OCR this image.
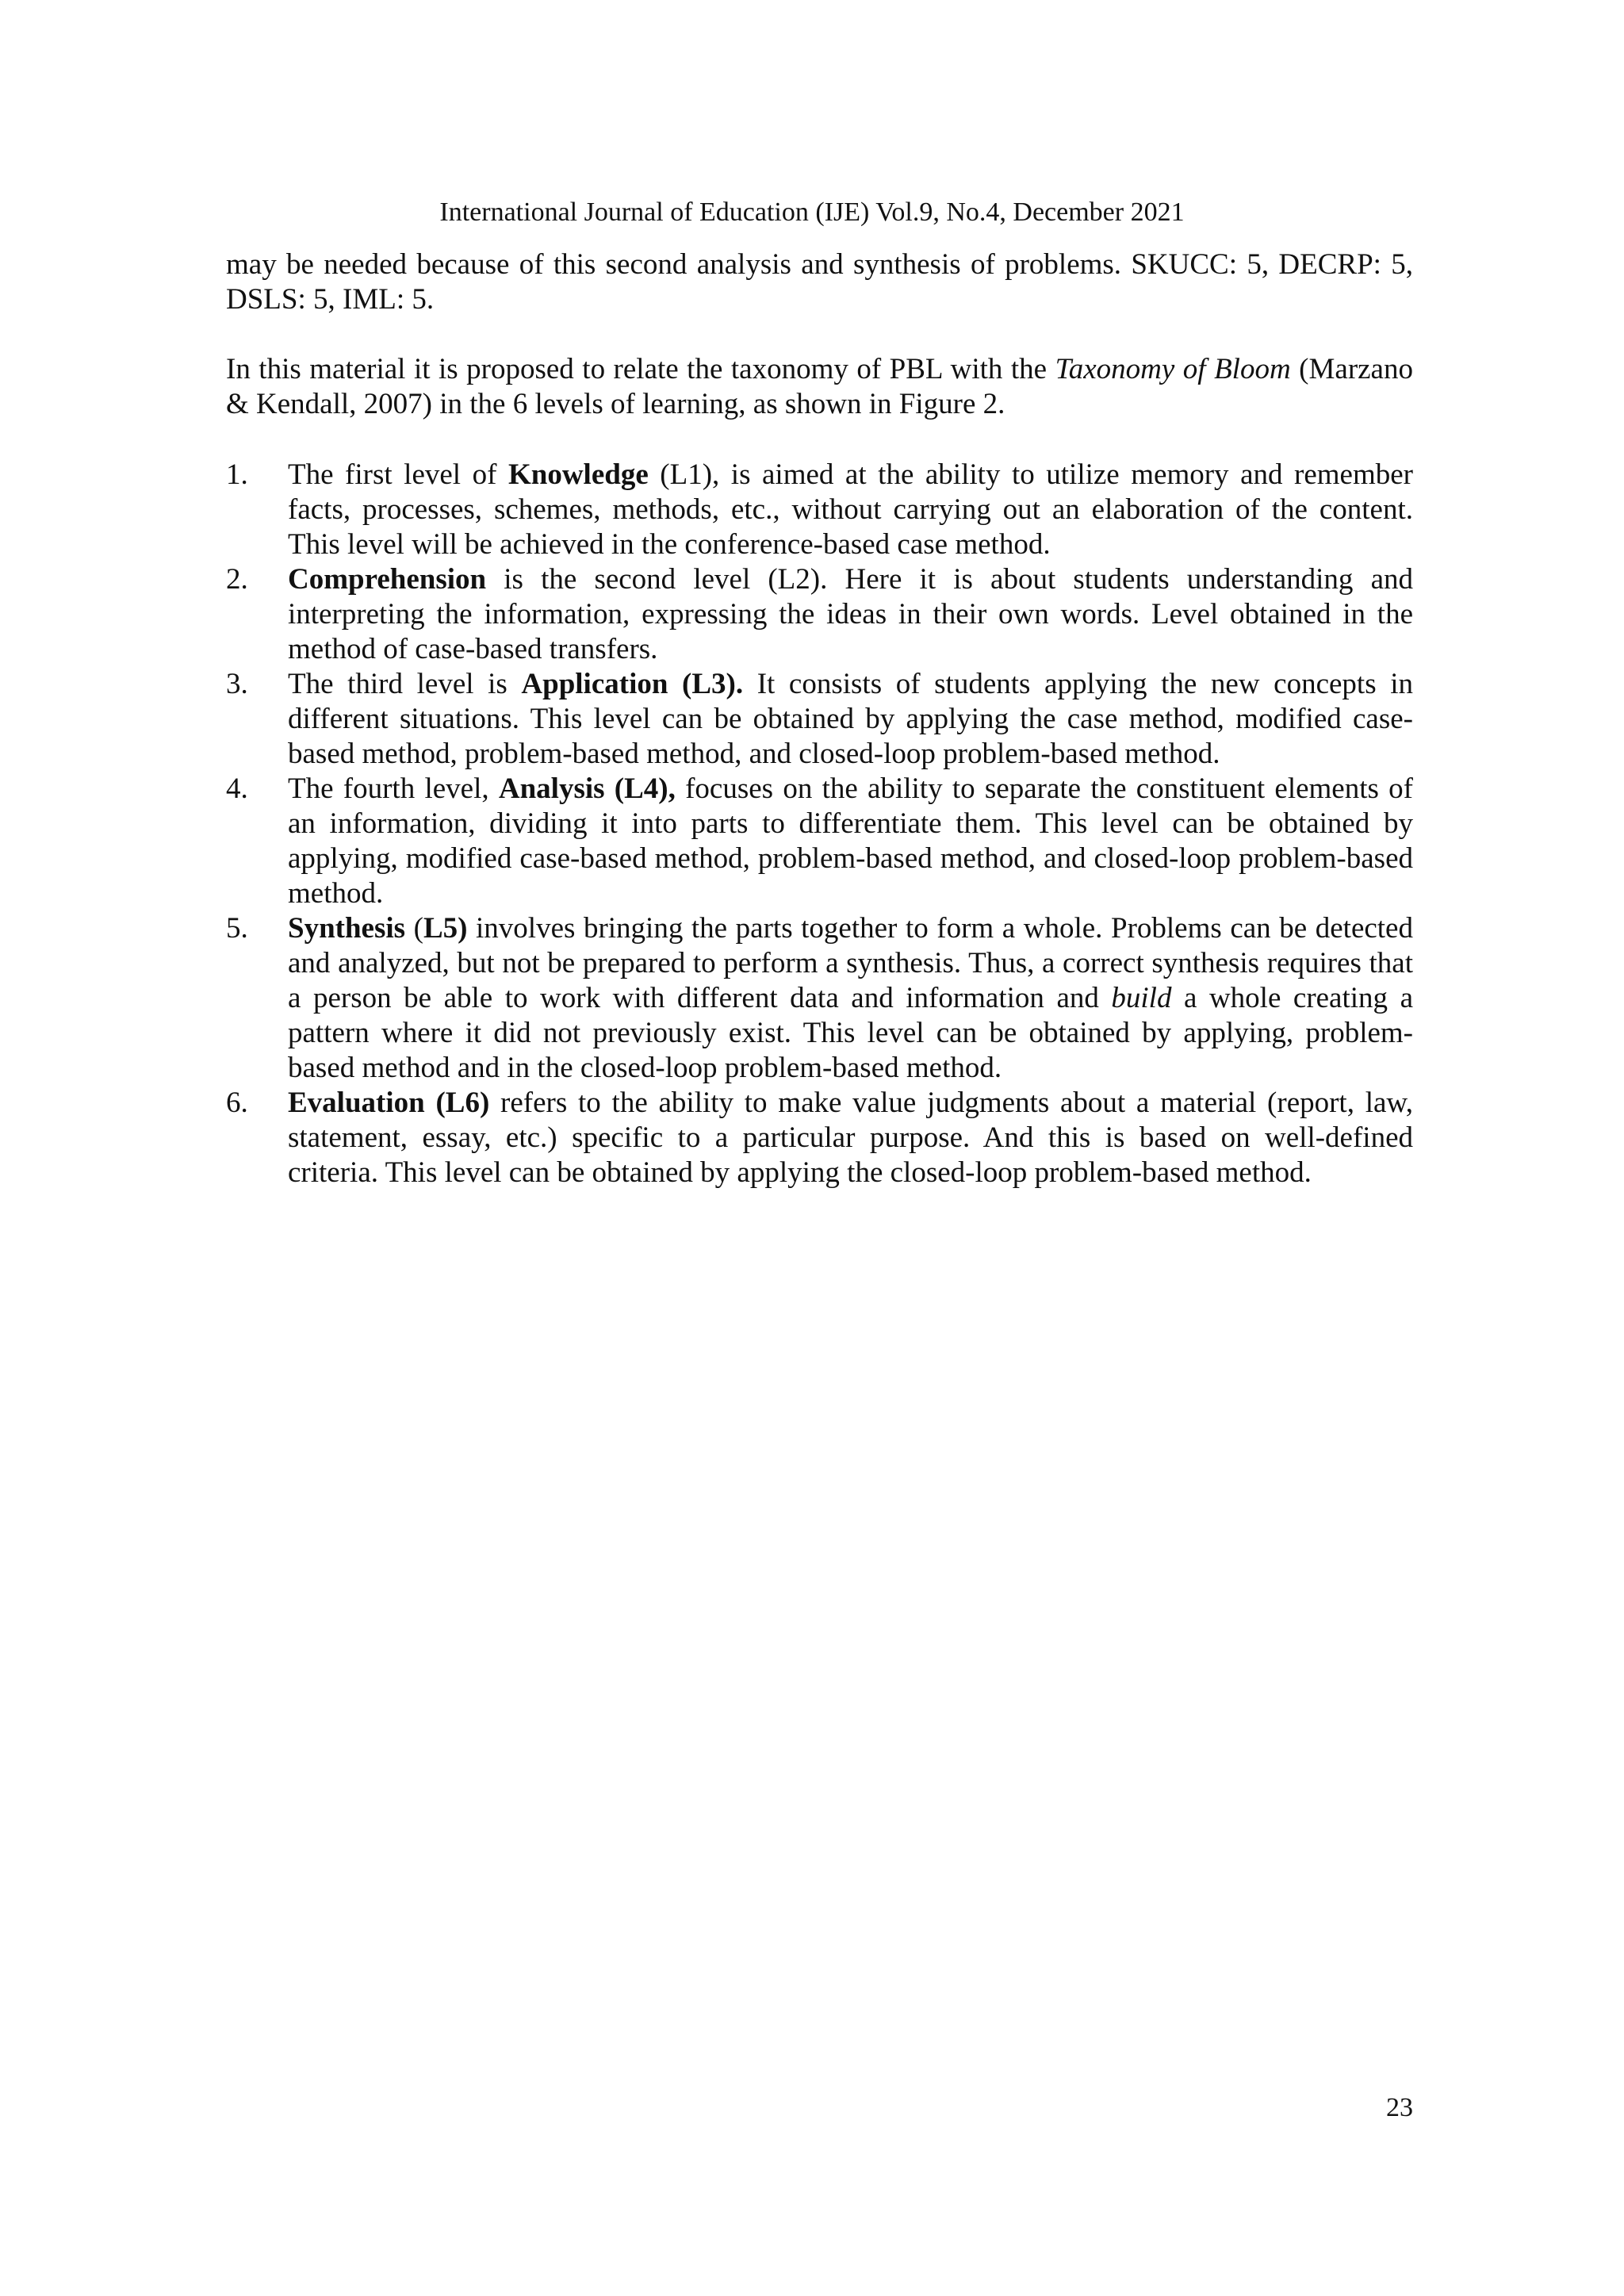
International Journal of Education (IJE) Vol.9, No.4, December 2021

may be needed because of this second analysis and synthesis of problems. SKUCC: 5, DECRP: 5, DSLS: 5, IML: 5.

In this material it is proposed to relate the taxonomy of PBL with the Taxonomy of Bloom (Marzano & Kendall, 2007) in the 6 levels of learning, as shown in Figure 2.

1.	The first level of Knowledge (L1), is aimed at the ability to utilize memory and remember facts, processes, schemes, methods, etc., without carrying out an elaboration of the content. This level will be achieved in the conference-based case method.
2.	Comprehension is the second level (L2). Here it is about students understanding and interpreting the information, expressing the ideas in their own words. Level obtained in the method of case-based transfers.
3.	The third level is Application (L3). It consists of students applying the new concepts in different situations. This level can be obtained by applying the case method, modified case-based method, problem-based method, and closed-loop problem-based method.
4.	The fourth level, Analysis (L4), focuses on the ability to separate the constituent elements of an information, dividing it into parts to differentiate them. This level can be obtained by applying, modified case-based method, problem-based method, and closed-loop problem-based method.
5.	Synthesis (L5) involves bringing the parts together to form a whole. Problems can be detected and analyzed, but not be prepared to perform a synthesis. Thus, a correct synthesis requires that a person be able to work with different data and information and build a whole creating a pattern where it did not previously exist. This level can be obtained by applying, problem-based method and in the closed-loop problem-based method.
6.	Evaluation (L6) refers to the ability to make value judgments about a material (report, law, statement, essay, etc.) specific to a particular purpose. And this is based on well-defined criteria. This level can be obtained by applying the closed-loop problem-based method.
23
